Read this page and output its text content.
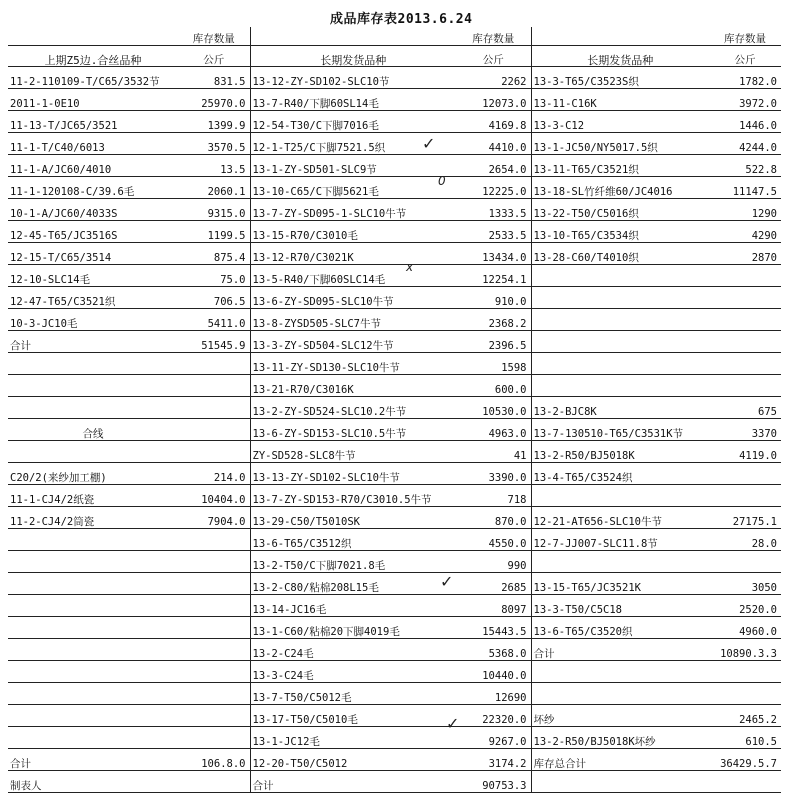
成品库存表2013.6.24
	库存数量		库存数量		库存数量
上期Z5边.合丝品种	公斤	长期发货品种	公斤	长期发货品种	公斤
11-2-110109-T/C65/3532节	831.5	13-12-ZY-SD102-SLC10节	2262	13-3-T65/C3523S织	1782.0
2011-1-0E10	25970.0	13-7-R40/下脚60SL14毛	12073.0	13-11-C16K	3972.0
11-13-T/JC65/3521	1399.9	12-54-T30/C下脚7016毛	4169.8	13-3-C12	1446.0
11-1-T/C40/6013	3570.5	12-1-T25/C下脚7521.5织	4410.0	13-1-JC50/NY5017.5织	4244.0
11-1-A/JC60/4010	13.5	13-1-ZY-SD501-SLC9节	2654.0	13-11-T65/C3521织	522.8
11-1-120108-C/39.6毛	2060.1	13-10-C65/C下脚5621毛	12225.0	13-18-SL竹纤维60/JC4016	11147.5
10-1-A/JC60/4033S	9315.0	13-7-ZY-SD095-1-SLC10牛节	1333.5	13-22-T50/C5016织	1290
12-45-T65/JC3516S	1199.5	13-15-R70/C3010毛	2533.5	13-10-T65/C3534织	4290
12-15-T/C65/3514	875.4	13-12-R70/C3021K	13434.0	13-28-C60/T4010织	2870
12-10-SLC14毛	75.0	13-5-R40/下脚60SLC14毛	12254.1		
12-47-T65/C3521织	706.5	13-6-ZY-SD095-SLC10牛节	910.0		
10-3-JC10毛	5411.0	13-8-ZYSD505-SLC7牛节	2368.2		
合计	51545.9	13-3-ZY-SD504-SLC12牛节	2396.5		
		13-11-ZY-SD130-SLC10牛节	1598		
		13-21-R70/C3016K	600.0		
		13-2-ZY-SD524-SLC10.2牛节	10530.0	13-2-BJC8K	675
合线		13-6-ZY-SD153-SLC10.5牛节	4963.0	13-7-130510-T65/C3531K节	3370
		ZY-SD528-SLC8牛节	41	13-2-R50/BJ5018K	4119.0
C20/2(来纱加工棚)	214.0	13-13-ZY-SD102-SLC10牛节	3390.0	13-4-T65/C3524织	
11-1-CJ4/2纸瓷	10404.0	13-7-ZY-SD153-R70/C3010.5牛节	718		
11-2-CJ4/2筒瓷	7904.0	13-29-C50/T5010SK	870.0	12-21-AT656-SLC10牛节	27175.1
		13-6-T65/C3512织	4550.0	12-7-JJ007-SLC11.8节	28.0
		13-2-T50/C下脚7021.8毛	990		
		13-2-C80/粘棉208L15毛	2685	13-15-T65/JC3521K	3050
		13-14-JC16毛	8097	13-3-T50/C5C18	2520.0
		13-1-C60/粘棉20下脚4019毛	15443.5	13-6-T65/C3520织	4960.0
		13-2-C24毛	5368.0	合计	10890.3.3
		13-3-C24毛	10440.0		
		13-7-T50/C5012毛	12690		
		13-17-T50/C5010毛	22320.0	坏纱	2465.2
		13-1-JC12毛	9267.0	13-2-R50/BJ5018K坏纱	610.5
合计	106.8.0	12-20-T50/C5012	3174.2	库存总合计	36429.5.7
制表人		合计	90753.3		
✓
0
x
✓
✓
